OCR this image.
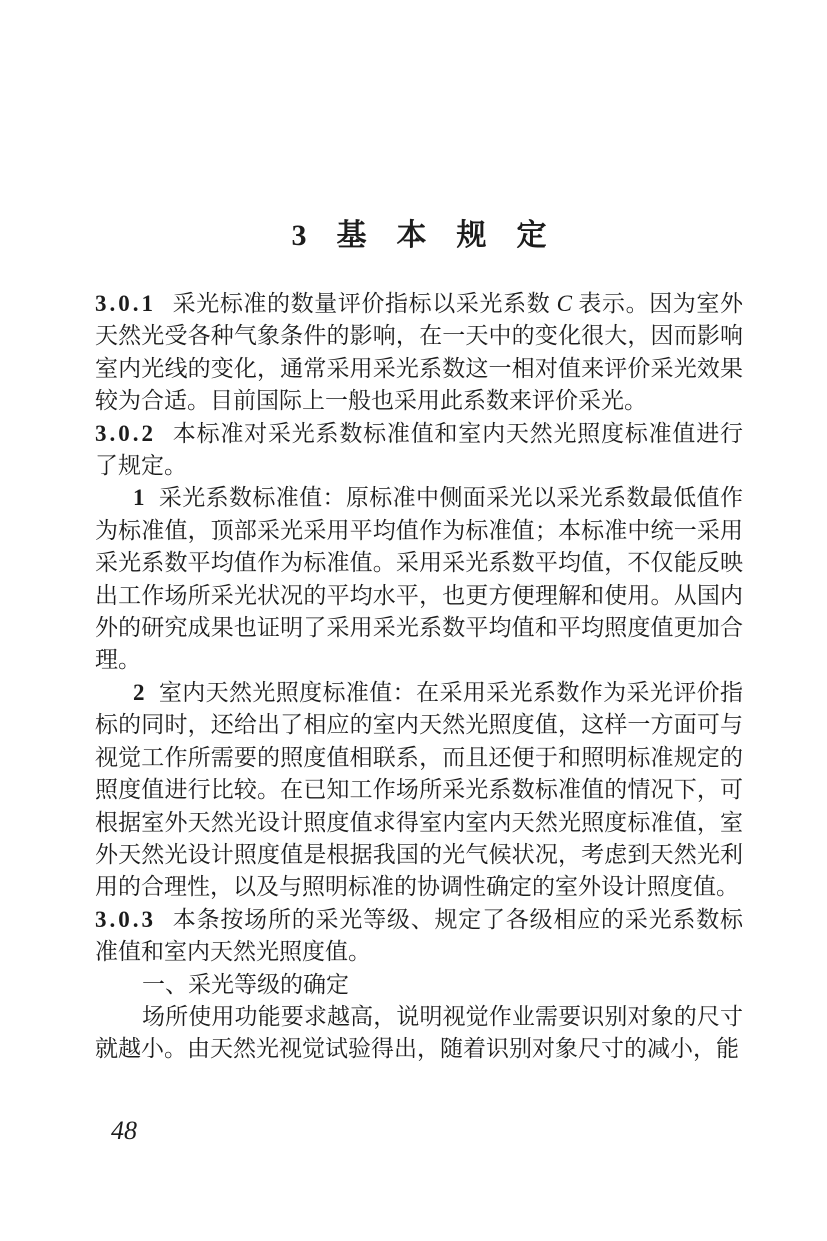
3　基　本　规　定

3.0.1 采光标准的数量评价指标以采光系数 C 表示。因为室外天然光受各种气象条件的影响，在一天中的变化很大，因而影响室内光线的变化，通常采用采光系数这一相对值来评价采光效果较为合适。目前国际上一般也采用此系数来评价采光。

3.0.2 本标准对采光系数标准值和室内天然光照度标准值进行了规定。

1 采光系数标准值：原标准中侧面采光以采光系数最低值作为标准值，顶部采光采用平均值作为标准值；本标准中统一采用采光系数平均值作为标准值。采用采光系数平均值，不仅能反映出工作场所采光状况的平均水平，也更方便理解和使用。从国内外的研究成果也证明了采用采光系数平均值和平均照度值更加合理。

2 室内天然光照度标准值：在采用采光系数作为采光评价指标的同时，还给出了相应的室内天然光照度值，这样一方面可与视觉工作所需要的照度值相联系，而且还便于和照明标准规定的照度值进行比较。在已知工作场所采光系数标准值的情况下，可根据室外天然光设计照度值求得室内室内天然光照度标准值，室外天然光设计照度值是根据我国的光气候状况，考虑到天然光利用的合理性，以及与照明标准的协调性确定的室外设计照度值。

3.0.3 本条按场所的采光等级、规定了各级相应的采光系数标准值和室内天然光照度值。

一、采光等级的确定

场所使用功能要求越高，说明视觉作业需要识别对象的尺寸就越小。由天然光视觉试验得出，随着识别对象尺寸的减小，能

48
